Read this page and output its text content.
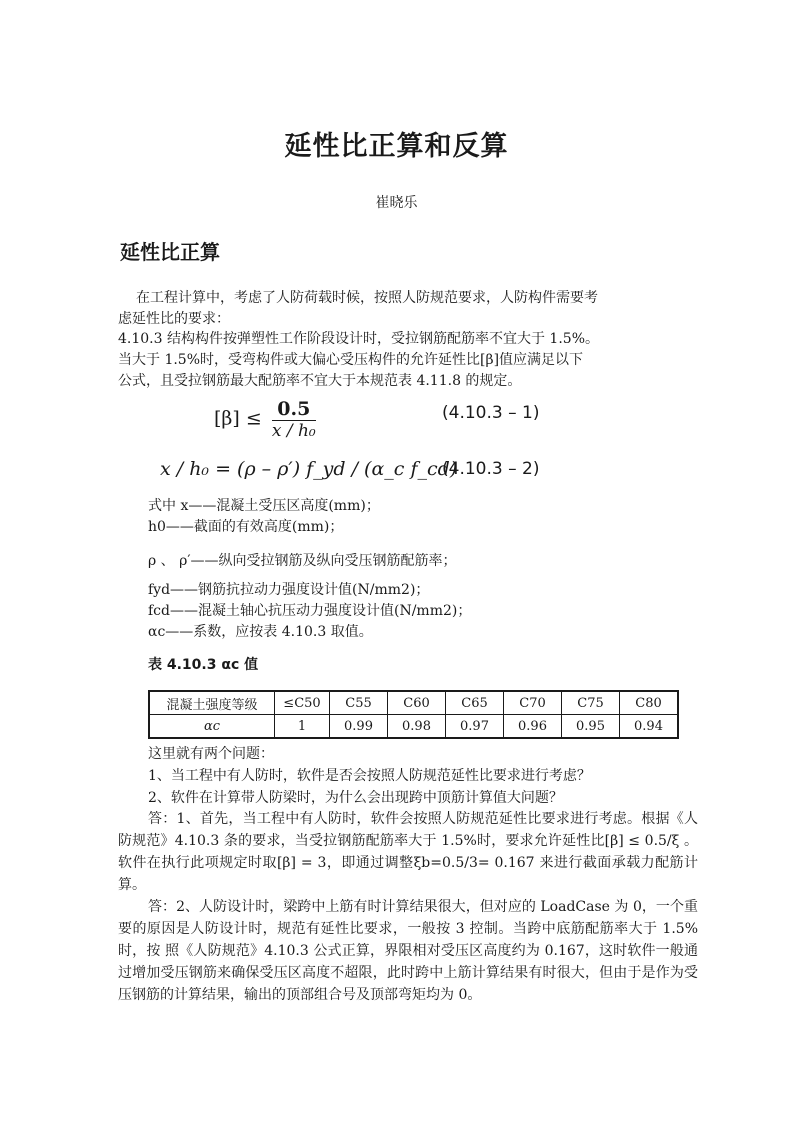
延性比正算和反算
崔晓乐
延性比正算
在工程计算中，考虑了人防荷载时候，按照人防规范要求，人防构件需要考
虑延性比的要求：
4.10.3 结构构件按弹塑性工作阶段设计时，受拉钢筋配筋率不宜大于 1.5%。
当大于 1.5%时，受弯构件或大偏心受压构件的允许延性比[β]值应满足以下
公式，且受拉钢筋最大配筋率不宜大于本规范表 4.11.8 的规定。
$[\beta] \le \frac{0.5}{\text{x / h₀}}$	(4.10.3 – 1)
x / h₀ = (ρ – ρ′) f_yd / (α_c f_cd)
(4.10.3 – 2)
式中 x——混凝土受压区高度(mm)；
h0——截面的有效高度(mm)；
ρ 、 ρ′——纵向受拉钢筋及纵向受压钢筋配筋率；
fyd——钢筋抗拉动力强度设计值(N/mm2)；
fcd——混凝土轴心抗压动力强度设计值(N/mm2)；
αc——系数，应按表 4.10.3 取值。
表 4.10.3 αc 值
混凝土强度等级	≤C50	C55	C60	C65	C70	C75	C80
αc	1	0.99	0.98	0.97	0.96	0.95	0.94
这里就有两个问题：
1、当工程中有人防时，软件是否会按照人防规范延性比要求进行考虑？
2、软件在计算带人防梁时，为什么会出现跨中顶筋计算值大问题？
答：1、首先，当工程中有人防时，软件会按照人防规范延性比要求进行考虑。根据《人防规范》4.10.3 条的要求，当受拉钢筋配筋率大于 1.5%时，要求允许延性比[β] ≤ 0.5/ξ 。软件在执行此项规定时取[β] = 3，即通过调整ξb=0.5/3= 0.167 来进行截面承载力配筋计算。
答：2、人防设计时，梁跨中上筋有时计算结果很大，但对应的 LoadCase 为 0，一个重要的原因是人防设计时，规范有延性比要求，一般按 3 控制。当跨中底筋配筋率大于 1.5%时，按 照《人防规范》4.10.3 公式正算，界限相对受压区高度约为 0.167，这时软件一般通过增加受压钢筋来确保受压区高度不超限，此时跨中上筋计算结果有时很大，但由于是作为受压钢筋的计算结果，输出的顶部组合号及顶部弯矩均为 0。
